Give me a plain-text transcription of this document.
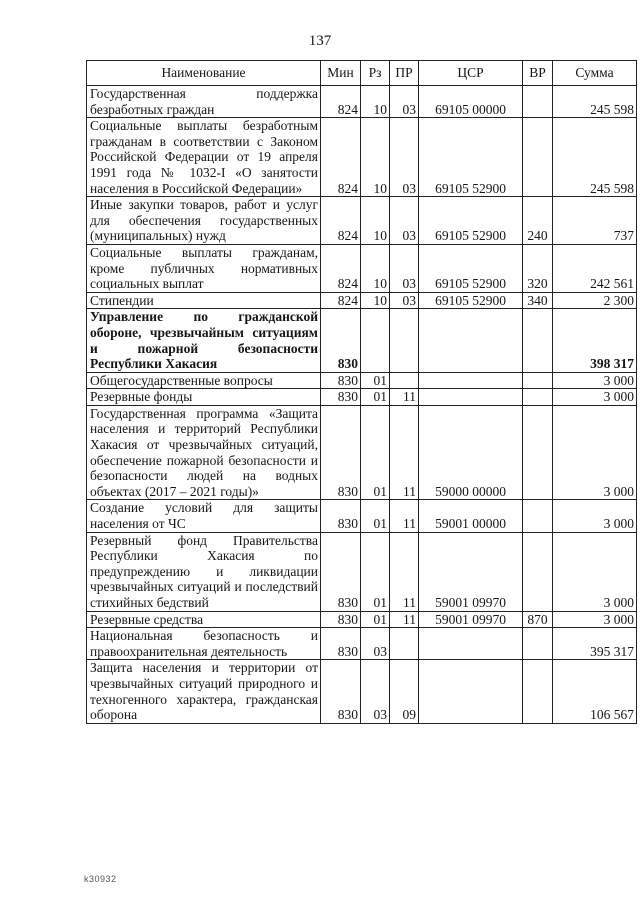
137
Наименование	Мин	Рз	ПР	ЦСР	ВР	Сумма
Государственная поддержка безработных граждан	824	10	03	69105 00000		245 598
Социальные выплаты безработным гражданам в соответствии с Законом Российской Федерации от 19 апреля 1991 года № 1032-I «О занятости населения в Российской Федерации»	824	10	03	69105 52900		245 598
Иные закупки товаров, работ и услуг для обеспечения государственных (муниципальных) нужд	824	10	03	69105 52900	240	737
Социальные выплаты гражданам, кроме публичных нормативных социальных выплат	824	10	03	69105 52900	320	242 561
Стипендии	824	10	03	69105 52900	340	2 300
Управление по гражданской обороне, чрезвычайным ситуациям и пожарной безопасности Республики Хакасия	830					398 317
Общегосударственные вопросы	830	01				3 000
Резервные фонды	830	01	11			3 000
Государственная программа «Защита населения и территорий Республики Хакасия от чрезвычайных ситуаций, обеспечение пожарной безопасности и безопасности людей на водных объектах (2017 – 2021 годы)»	830	01	11	59000 00000		3 000
Создание условий для защиты населения от ЧС	830	01	11	59001 00000		3 000
Резервный фонд Правительства Республики Хакасия по предупреждению и ликвидации чрезвычайных ситуаций и последствий стихийных бедствий	830	01	11	59001 09970		3 000
Резервные средства	830	01	11	59001 09970	870	3 000
Национальная безопасность и правоохранительная деятельность	830	03				395 317
Защита населения и территории от чрезвычайных ситуаций природного и техногенного характера, гражданская оборона	830	03	09			106 567
k30932
